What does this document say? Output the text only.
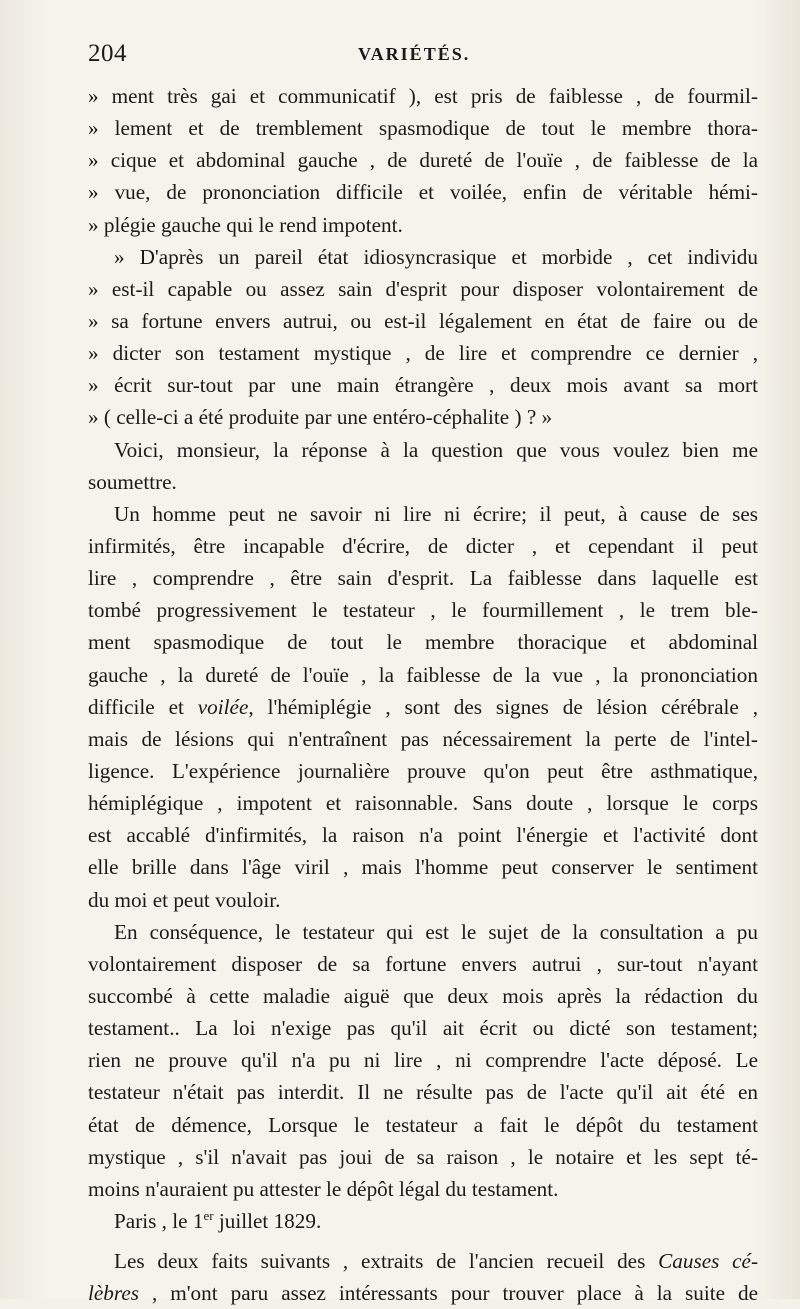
204	VARIÉTÉS.
» ment très gai et communicatif ), est pris de faiblesse , de fourmil-
» lement et de tremblement spasmodique de tout le membre thora-
» cique et abdominal gauche , de dureté de l'ouïe , de faiblesse de la
» vue, de prononciation difficile et voilée, enfin de véritable hémi-
» plégie gauche qui le rend impotent.
» D'après un pareil état idiosyncrasique et morbide , cet individu
» est-il capable ou assez sain d'esprit pour disposer volontairement de
» sa fortune envers autrui, ou est-il légalement en état de faire ou de
» dicter son testament mystique , de lire et comprendre ce dernier ,
» écrit sur-tout par une main étrangère , deux mois avant sa mort
» ( celle-ci a été produite par une entéro-céphalite ) ? »
Voici, monsieur, la réponse à la question que vous voulez bien me
soumettre.
Un homme peut ne savoir ni lire ni écrire; il peut, à cause de ses
infirmités, être incapable d'écrire, de dicter , et cependant il peut
lire , comprendre , être sain d'esprit. La faiblesse dans laquelle est
tombé progressivement le testateur , le fourmillement , le trem ble-
ment spasmodique de tout le membre thoracique et abdominal
gauche , la dureté de l'ouïe , la faiblesse de la vue , la prononciation
difficile et voilée, l'hémiplégie , sont des signes de lésion cérébrale ,
mais de lésions qui n'entraînent pas nécessairement la perte de l'intel-
ligence. L'expérience journalière prouve qu'on peut être asthmatique,
hémiplégique , impotent et raisonnable. Sans doute , lorsque le corps
est accablé d'infirmités, la raison n'a point l'énergie et l'activité dont
elle brille dans l'âge viril , mais l'homme peut conserver le sentiment
du moi et peut vouloir.
En conséquence, le testateur qui est le sujet de la consultation a pu
volontairement disposer de sa fortune envers autrui , sur-tout n'ayant
succombé à cette maladie aiguë que deux mois après la rédaction du
testament.. La loi n'exige pas qu'il ait écrit ou dicté son testament;
rien ne prouve qu'il n'a pu ni lire , ni comprendre l'acte déposé. Le
testateur n'était pas interdit. Il ne résulte pas de l'acte qu'il ait été en
état de démence, Lorsque le testateur a fait le dépôt du testament
mystique , s'il n'avait pas joui de sa raison , le notaire et les sept té-
moins n'auraient pu attester le dépôt légal du testament.
Paris , le 1er juillet 1829.
Les deux faits suivants , extraits de l'ancien recueil des Causes cé-
lèbres , m'ont paru assez intéressants pour trouver place à la suite de
